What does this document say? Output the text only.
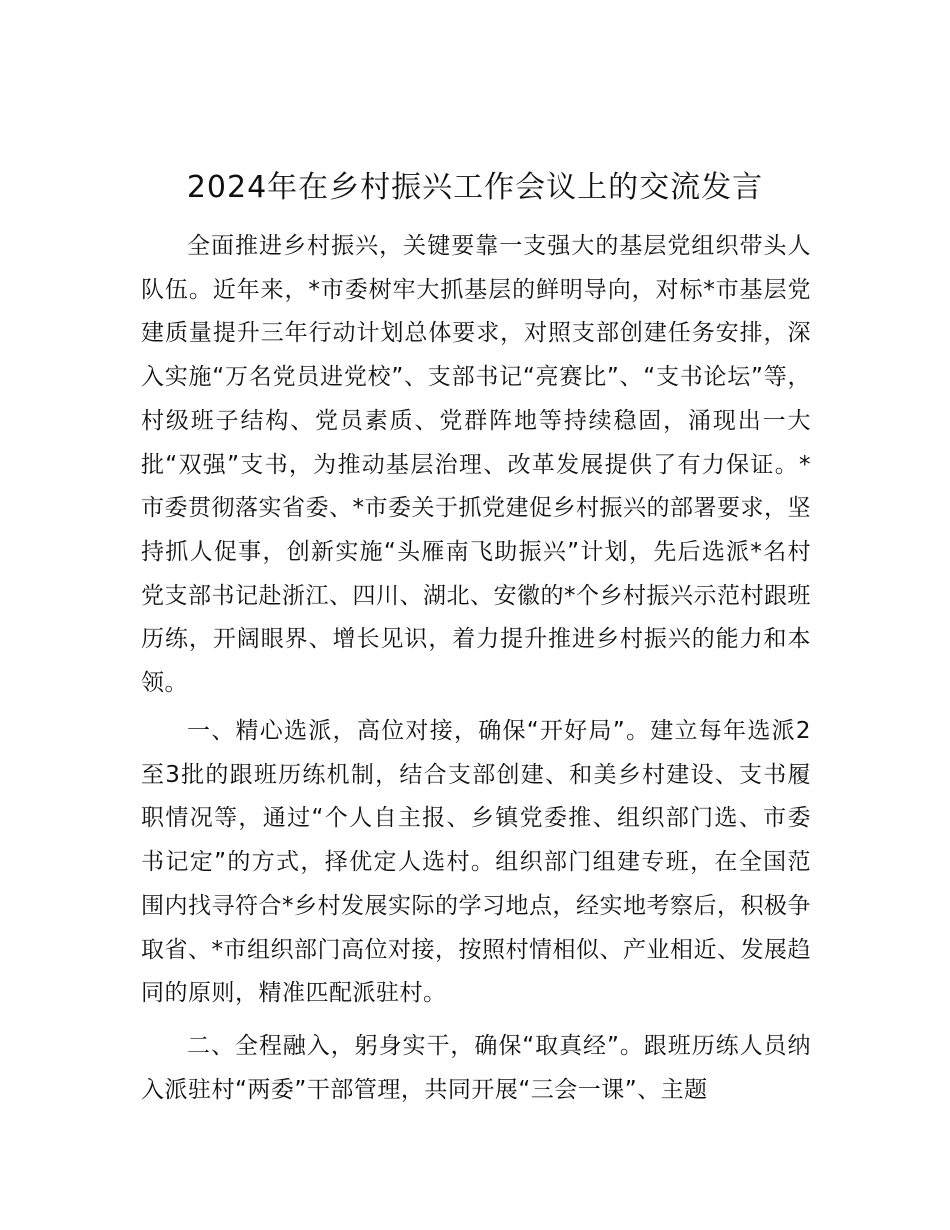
2024年在乡村振兴工作会议上的交流发言

全面推进乡村振兴，关键要靠一支强大的基层党组织带头人队伍。近年来，*市委树牢大抓基层的鲜明导向，对标*市基层党建质量提升三年行动计划总体要求，对照支部创建任务安排，深入实施“万名党员进党校”、支部书记“亮赛比”、“支书论坛”等，村级班子结构、党员素质、党群阵地等持续稳固，涌现出一大批“双强”支书，为推动基层治理、改革发展提供了有力保证。*市委贯彻落实省委、*市委关于抓党建促乡村振兴的部署要求，坚持抓人促事，创新实施“头雁南飞助振兴”计划，先后选派*名村党支部书记赴浙江、四川、湖北、安徽的*个乡村振兴示范村跟班历练，开阔眼界、增长见识，着力提升推进乡村振兴的能力和本领。

一、精心选派，高位对接，确保“开好局”。建立每年选派2至3批的跟班历练机制，结合支部创建、和美乡村建设、支书履职情况等，通过“个人自主报、乡镇党委推、组织部门选、市委书记定”的方式，择优定人选村。组织部门组建专班，在全国范围内找寻符合*乡村发展实际的学习地点，经实地考察后，积极争取省、*市组织部门高位对接，按照村情相似、产业相近、发展趋同的原则，精准匹配派驻村。

二、全程融入，躬身实干，确保“取真经”。跟班历练人员纳入派驻村“两委”干部管理，共同开展“三会一课”、主题
